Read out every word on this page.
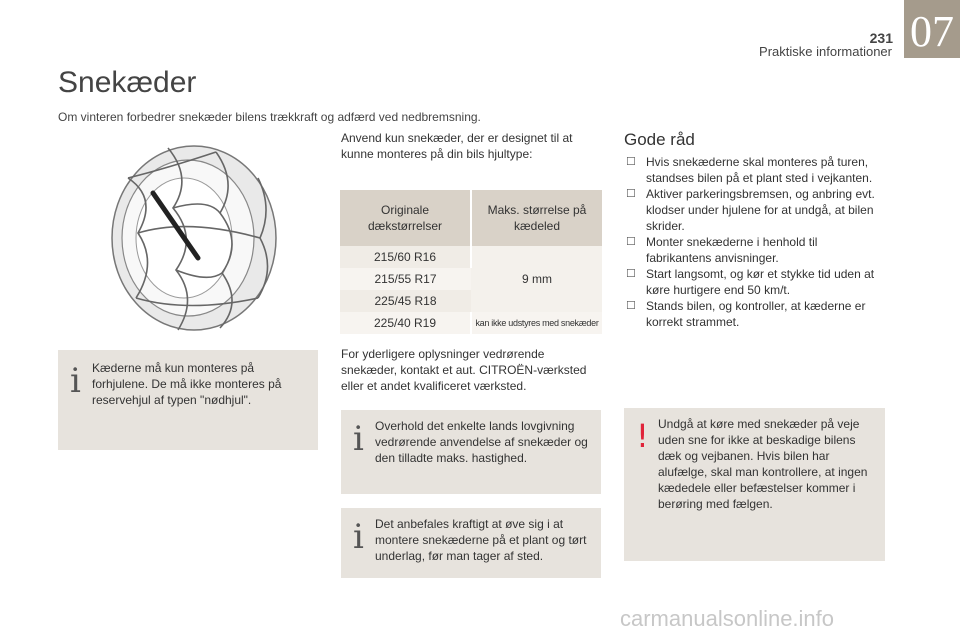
231 07
Praktiske informationer
Snekæder
Om vinteren forbedrer snekæder bilens trækkraft og adfærd ved nedbremsning.
i Kæderne må kun monteres på forhjulene. De må ikke monteres på reservehjul af typen "nødhjul".
Anvend kun snekæder, der er designet til at kunne monteres på din bils hjultype:
Originale dækstørrelser	Maks. størrelse på kædeled
215/60 R16	9 mm
215/55 R17	
225/45 R18	
225/40 R19	kan ikke udstyres med snekæder
For yderligere oplysninger vedrørende snekæder, kontakt et aut. CITROËN-værksted eller et andet kvalificeret værksted.
i Overhold det enkelte lands lovgivning vedrørende anvendelse af snekæder og den tilladte maks. hastighed.
i Det anbefales kraftigt at øve sig i at montere snekæderne på et plant og tørt underlag, før man tager af sted.
Gode råd
☐ Hvis snekæderne skal monteres på turen, standses bilen på et plant sted i vejkanten.
☐ Aktiver parkeringsbremsen, og anbring evt. klodser under hjulene for at undgå, at bilen skrider.
☐ Monter snekæderne i henhold til fabrikantens anvisninger.
☐ Start langsomt, og kør et stykke tid uden at køre hurtigere end 50 km/t.
☐ Stands bilen, og kontroller, at kæderne er korrekt strammet.
! Undgå at køre med snekæder på veje uden sne for ikke at beskadige bilens dæk og vejbanen. Hvis bilen har alufælge, skal man kontrollere, at ingen kædedele eller befæstelser kommer i berøring med fælgen.
carmanualsonline.info
